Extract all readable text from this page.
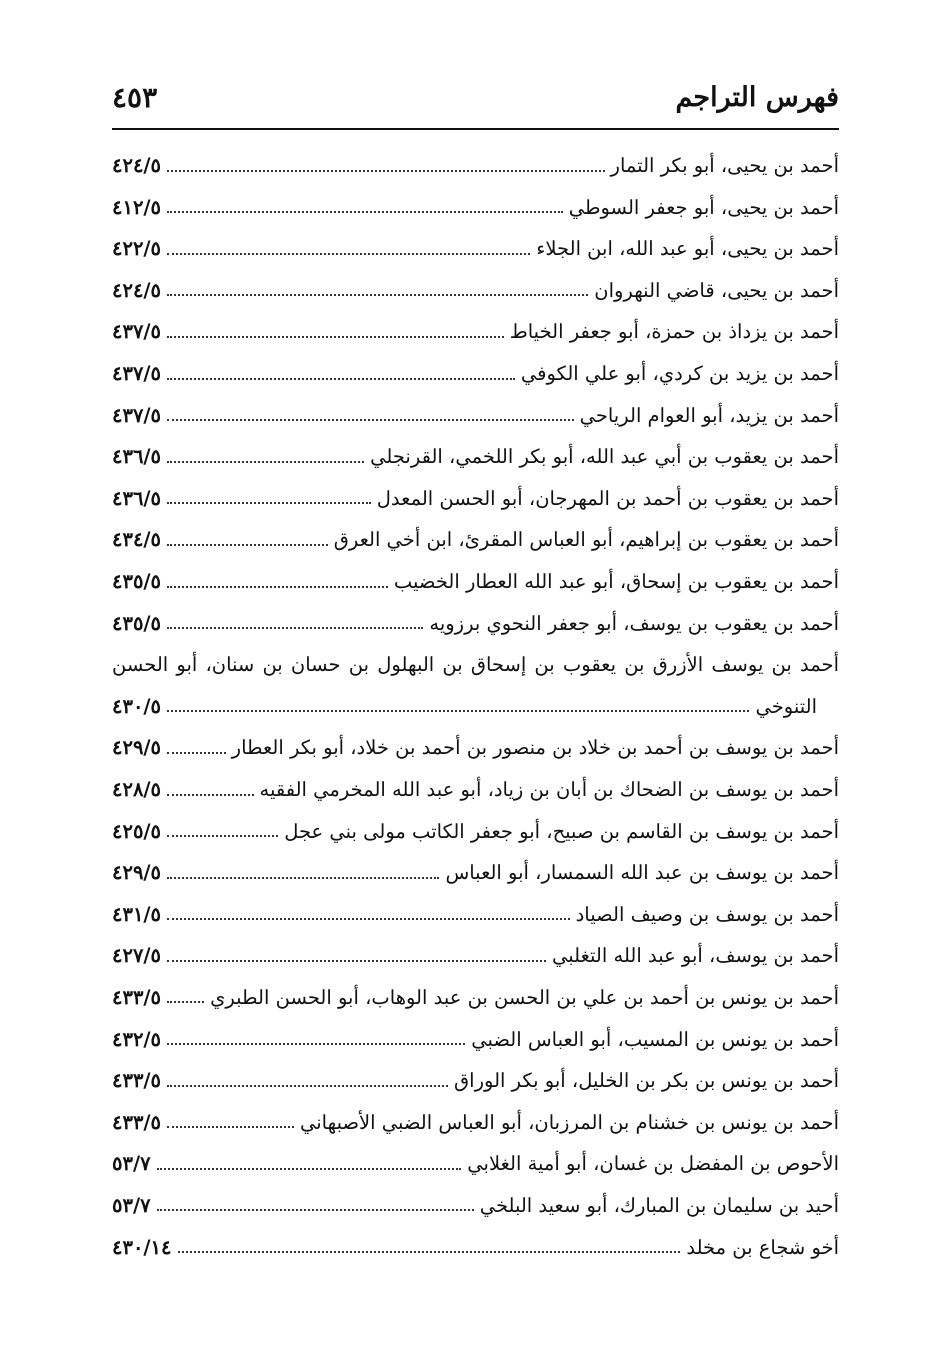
فهرس التراجم
٤٥٣
أحمد بن يحيى، أبو بكر التمار
٤٢٤/٥
أحمد بن يحيى، أبو جعفر السوطي
٤١٢/٥
أحمد بن يحيى، أبو عبد الله، ابن الجلاء
٤٢٢/٥
أحمد بن يحيى، قاضي النهروان
٤٢٤/٥
أحمد بن يزداذ بن حمزة، أبو جعفر الخياط
٤٣٧/٥
أحمد بن يزيد بن كردي، أبو علي الكوفي
٤٣٧/٥
أحمد بن يزيد، أبو العوام الرياحي
٤٣٧/٥
أحمد بن يعقوب بن أبي عبد الله، أبو بكر اللخمي، القرنجلي
٤٣٦/٥
أحمد بن يعقوب بن أحمد بن المهرجان، أبو الحسن المعدل
٤٣٦/٥
أحمد بن يعقوب بن إبراهيم، أبو العباس المقرئ، ابن أخي العرق
٤٣٤/٥
أحمد بن يعقوب بن إسحاق، أبو عبد الله العطار الخضيب
٤٣٥/٥
أحمد بن يعقوب بن يوسف، أبو جعفر النحوي برزويه
٤٣٥/٥
أحمد بن يوسف الأزرق بن يعقوب بن إسحاق بن البهلول بن حسان بن سنان، أبو الحسن
التنوخي
٤٣٠/٥
أحمد بن يوسف بن أحمد بن خلاد بن منصور بن أحمد بن خلاد، أبو بكر العطار
٤٢٩/٥
أحمد بن يوسف بن الضحاك بن أبان بن زياد، أبو عبد الله المخرمي الفقيه
٤٢٨/٥
أحمد بن يوسف بن القاسم بن صبيح، أبو جعفر الكاتب مولى بني عجل
٤٢٥/٥
أحمد بن يوسف بن عبد الله السمسار، أبو العباس
٤٢٩/٥
أحمد بن يوسف بن وصيف الصياد
٤٣١/٥
أحمد بن يوسف، أبو عبد الله التغلبي
٤٢٧/٥
أحمد بن يونس بن أحمد بن علي بن الحسن بن عبد الوهاب، أبو الحسن الطبري
٤٣٣/٥
أحمد بن يونس بن المسيب، أبو العباس الضبي
٤٣٢/٥
أحمد بن يونس بن بكر بن الخليل، أبو بكر الوراق
٤٣٣/٥
أحمد بن يونس بن خشنام بن المرزبان، أبو العباس الضبي الأصبهاني
٤٣٣/٥
الأحوص بن المفضل بن غسان، أبو أمية الغلابي
٥٣/٧
أحيد بن سليمان بن المبارك، أبو سعيد البلخي
٥٣/٧
أخو شجاع بن مخلد
٤٣٠/١٤
